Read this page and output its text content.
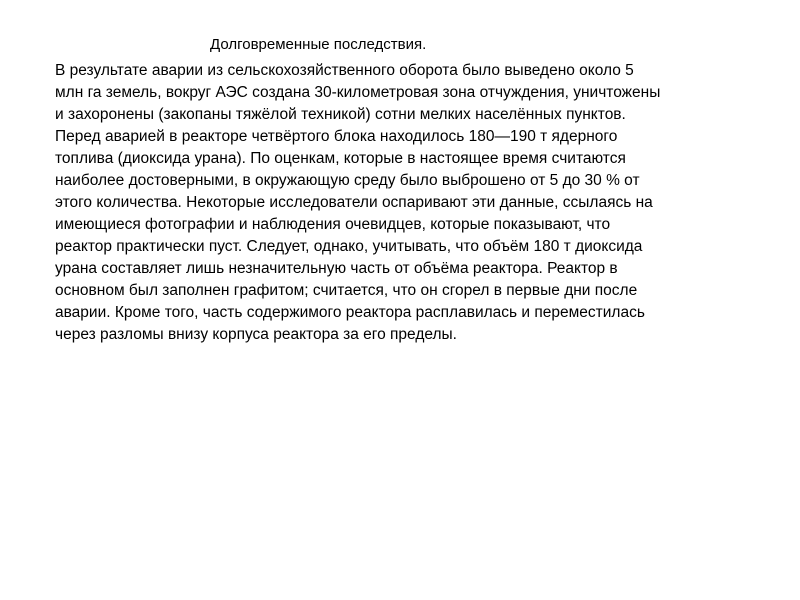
Долговременные последствия.
В результате аварии из сельскохозяйственного оборота было выведено около 5
млн га земель, вокруг АЭС создана 30-километровая зона отчуждения, уничтожены
и захоронены (закопаны тяжёлой техникой) сотни мелких населённых пунктов.
Перед аварией в реакторе четвёртого блока находилось 180—190 т ядерного
топлива (диоксида урана). По оценкам, которые в настоящее время считаются
наиболее достоверными, в окружающую среду было выброшено от 5 до 30 % от
этого количества. Некоторые исследователи оспаривают эти данные, ссылаясь на
имеющиеся фотографии и наблюдения очевидцев, которые показывают, что
реактор практически пуст. Следует, однако, учитывать, что объём 180 т диоксида
урана составляет лишь незначительную часть от объёма реактора. Реактор в
основном был заполнен графитом; считается, что он сгорел в первые дни после
аварии. Кроме того, часть содержимого реактора расплавилась и переместилась
через разломы внизу корпуса реактора за его пределы.
